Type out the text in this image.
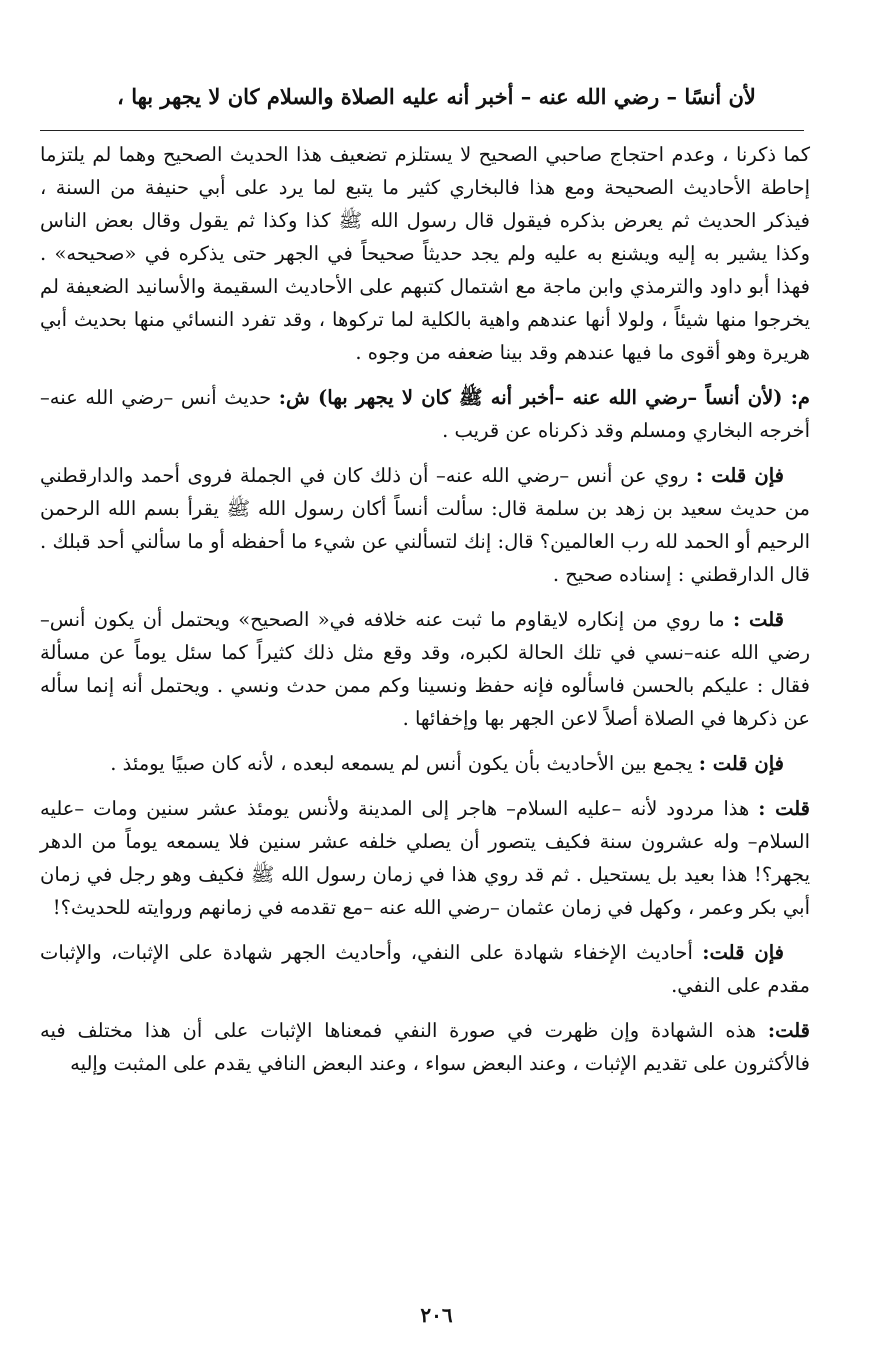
لأن أنسًا – رضي الله عنه – أخبر أنه عليه الصلاة والسلام كان لا يجهر بها ،

كما ذكرنا ، وعدم احتجاج صاحبي الصحيح لا يستلزم تضعيف هذا الحديث الصحيح وهما لم يلتزما إحاطة الأحاديث الصحيحة ومع هذا فالبخاري كثير ما يتبع لما يرد على أبي حنيفة من السنة ، فيذكر الحديث ثم يعرض بذكره فيقول قال رسول الله ﷺ كذا وكذا ثم يقول وقال بعض الناس وكذا يشير به إليه ويشنع به عليه ولم يجد حديثاً صحيحاً في الجهر حتى يذكره في «صحيحه» . فهذا أبو داود والترمذي وابن ماجة مع اشتمال كتبهم على الأحاديث السقيمة والأسانيد الضعيفة لم يخرجوا منها شيئاً ، ولولا أنها عندهم واهية بالكلية لما تركوها ، وقد تفرد النسائي منها بحديث أبي هريرة وهو أقوى ما فيها عندهم وقد بينا ضعفه من وجوه .

م: (لأن أنساً –رضي الله عنه –أخبر أنه ﷺ كان لا يجهر بها) ش: حديث أنس –رضي الله عنه– أخرجه البخاري ومسلم وقد ذكرناه عن قريب .

فإن قلت : روي عن أنس –رضي الله عنه– أن ذلك كان في الجملة فروى أحمد والدارقطني من حديث سعيد بن زهد بن سلمة قال: سألت أنساً أكان رسول الله ﷺ يقرأ بسم الله الرحمن الرحيم أو الحمد لله رب العالمين؟ قال: إنك لتسألني عن شيء ما أحفظه أو ما سألني أحد قبلك . قال الدارقطني : إسناده صحيح .

قلت : ما روي من إنكاره لايقاوم ما ثبت عنه خلافه في« الصحيح» ويحتمل أن يكون أنس–رضي الله عنه–نسي في تلك الحالة لكبره، وقد وقع مثل ذلك كثيراً كما سئل يوماً عن مسألة فقال : عليكم بالحسن فاسألوه فإنه حفظ ونسينا وكم ممن حدث ونسي . ويحتمل أنه إنما سأله عن ذكرها في الصلاة أصلاً لاعن الجهر بها وإخفائها .

فإن قلت : يجمع بين الأحاديث بأن يكون أنس لم يسمعه لبعده ، لأنه كان صبيًا يومئذ .

قلت : هذا مردود لأنه –عليه السلام– هاجر إلى المدينة ولأنس يومئذ عشر سنين ومات –عليه السلام– وله عشرون سنة فكيف يتصور أن يصلي خلفه عشر سنين فلا يسمعه يوماً من الدهر يجهر؟! هذا بعيد بل يستحيل . ثم قد روي هذا في زمان رسول الله ﷺ فكيف وهو رجل في زمان أبي بكر وعمر ، وكهل في زمان عثمان –رضي الله عنه –مع تقدمه في زمانهم وروايته للحديث؟!

فإن قلت: أحاديث الإخفاء شهادة على النفي، وأحاديث الجهر شهادة على الإثبات، والإثبات مقدم على النفي.

قلت: هذه الشهادة وإن ظهرت في صورة النفي فمعناها الإثبات على أن هذا مختلف فيه فالأكثرون على تقديم الإثبات ، وعند البعض سواء ، وعند البعض النافي يقدم على المثبت وإليه

٢٠٦
